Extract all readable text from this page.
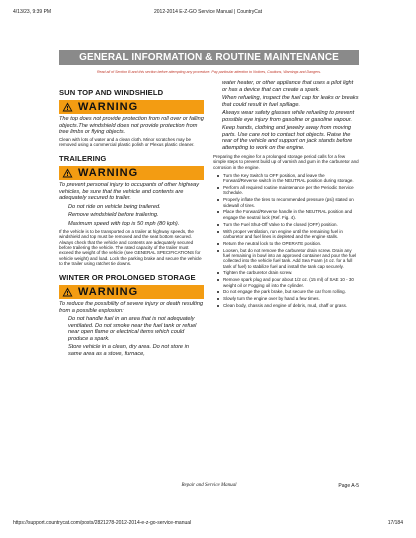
4/13/23, 9:39 PM	2012-2014 E-Z-GO Service Manual | CountryCat
GENERAL INFORMATION & ROUTINE MAINTENANCE
Read all of Section B and this section before attempting any procedure. Pay particular attention to Notices, Cautions, Warnings and Dangers.
SUN TOP AND WINDSHIELD
WARNING

The top does not provide protection from roll over or falling objects.The windshield does not provide protection from tree limbs or flying objects.

Clean with lots of water and a clean cloth. Minor scratches may be removed using a commercial plastic polish or Plexus plastic cleaner.

TRAILERING
WARNING

To prevent personal injury to occupants of other highway vehicles, be sure that the vehicle and contents are adequately secured to trailer.

Do not ride on vehicle being trailered.

Remove windshield before trailering.

Maximum speed with top is 50 mph (80 kph).

If the vehicle is to be transported on a trailer at highway speeds, the windshield and top must be removed and the seat bottom secured. Always check that the vehicle and contents are adequately secured before trailering the vehicle. The rated capacity of the trailer must exceed the weight of the vehicle (see GENERAL SPECIFICATIONS for vehicle weight) and load. Lock the parking brake and secure the vehicle to the trailer using ratchet tie downs.

WINTER OR PROLONGED STORAGE
WARNING

To reduce the possibility of severe injury or death resulting from a possible explosion:

Do not handle fuel in an area that is not adequately ventilated. Do not smoke near the fuel tank or refuel near open flame or electrical items which could produce a spark.

Store vehicle in a clean, dry area. Do not store in same area as a stove, furnace,

water heater, or other appliance that uses a pilot light or has a device that can create a spark.

When refueling, inspect the fuel cap for leaks or breaks that could result in fuel spillage.

Always wear safety glasses while refueling to prevent possible eye injury from gasoline or gasoline vapour.

Keep hands, clothing and jewelry away from moving parts. Use care not to contact hot objects. Raise the rear of the vehicle and support on jack stands before attempting to work on the engine.

Preparing the engine for a prolonged storage period calls for a few simple steps to prevent build up of varnish and gum in the carburetor and corrosion in the engine.

Turn the Key Switch to OFF position, and leave the Forward/Reverse switch in the NEUTRAL position during storage.
Perform all required routine maintenance per the Periodic Service Schedule.
Properly inflate the tires to recommended pressure (psi) stated on sidewall of tires.
Place the Forward/Reverse handle in the NEUTRAL position and engage the neutral lock (Ref. Fig. 4).
Turn the Fuel Shut-Off Valve to the closed (OFF) position.
With proper ventilation, run engine until the remaining fuel in carburetor and fuel lines is depleted and the engine stalls.
Return the neutral lock to the OPERATE position.
Loosen, but do not remove the carburetor drain screw. Drain any fuel remaining in bowl into an approved container and pour the fuel collected into the vehicle fuel tank. Add Sea Foam (4 oz. for a full tank of fuel) to stabilize fuel and install the tank cap securely.
Tighten the carburetor drain screw.
Remove spark plug and pour about 1/2 oz. (15 ml) of SAE 10 - 30 weight oil or Fogging oil into the cylinder.
Do not engage the park brake, but secure the car from rolling.
Slowly turn the engine over by hand a few times.
Clean body, chassis and engine of debris, mud, chaff or grass.
Repair and Service Manual	Page A-5
https://support.countrycat.com/posts/2821278-2012-2014-e-z-go-service-manual	17/184
